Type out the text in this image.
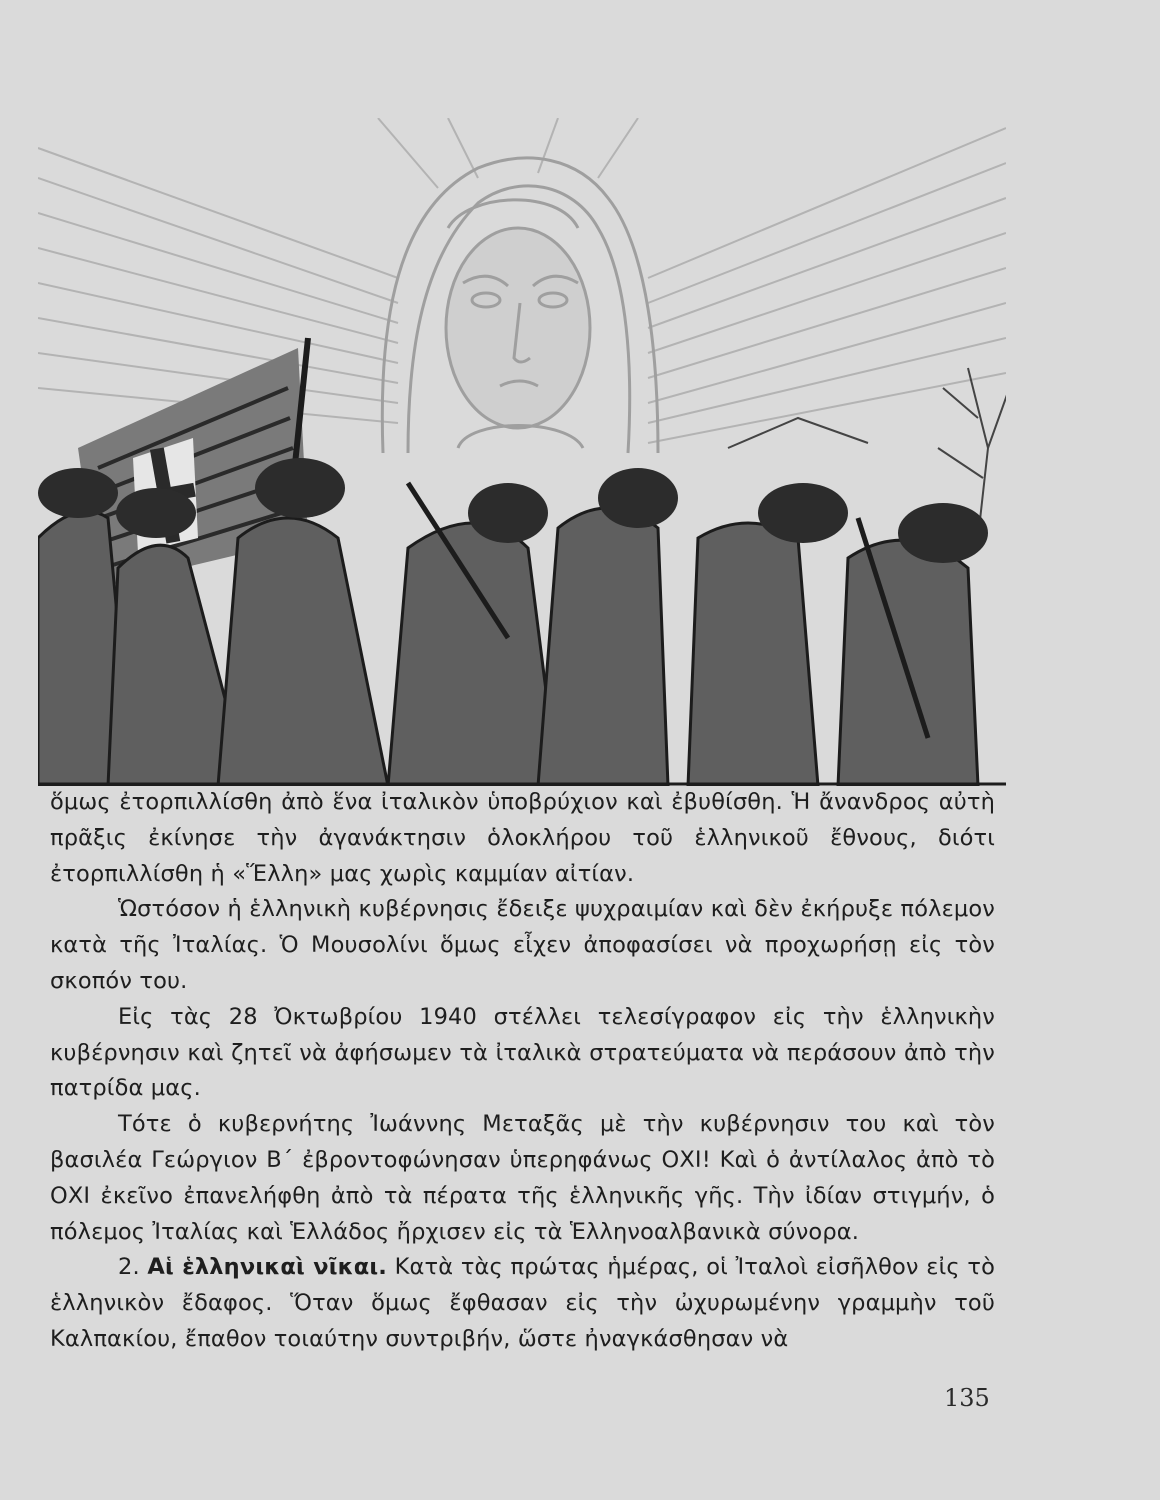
ὅμως ἐτορπιλλίσθη ἀπὸ ἕνα ἰταλικὸν ὑποβρύχιον καὶ ἐβυθίσθη. Ἡ ἄνανδρος αὐτὴ πρᾶξις ἐκίνησε τὴν ἀγανάκτησιν ὁλοκλήρου τοῦ ἑλληνικοῦ ἔθνους, διότι ἐτορπιλλίσθη ἡ «Ἕλλη» μας χωρὶς καμμίαν αἰτίαν.

Ὡστόσον ἡ ἑλληνικὴ κυβέρνησις ἔδειξε ψυχραιμίαν καὶ δὲν ἐκήρυξε πόλεμον κατὰ τῆς Ἰταλίας. Ὁ Μουσολίνι ὅμως εἶχεν ἀποφασίσει νὰ προχωρήσῃ εἰς τὸν σκοπόν του.

Εἰς τὰς 28 Ὀκτωβρίου 1940 στέλλει τελεσίγραφον εἰς τὴν ἑλληνικὴν κυβέρνησιν καὶ ζητεῖ νὰ ἀφήσωμεν τὰ ἰταλικὰ στρατεύματα νὰ περάσουν ἀπὸ τὴν πατρίδα μας.

Τότε ὁ κυβερνήτης Ἰωάννης Μεταξᾶς μὲ τὴν κυβέρνησιν του καὶ τὸν βασιλέα Γεώργιον Β΄ ἐβροντοφώνησαν ὑπερηφάνως ΟΧΙ! Καὶ ὁ ἀντίλαλος ἀπὸ τὸ ΟΧΙ ἐκεῖνο ἐπανελήφθη ἀπὸ τὰ πέρατα τῆς ἑλληνικῆς γῆς. Τὴν ἰδίαν στιγμήν, ὁ πόλεμος Ἰταλίας καὶ Ἑλλάδος ἤρχισεν εἰς τὰ Ἑλληνοαλβανικὰ σύνορα.

2. Αἱ ἑλληνικαὶ νῖκαι. Κατὰ τὰς πρώτας ἡμέρας, οἱ Ἰταλοὶ εἰσῆλθον εἰς τὸ ἑλληνικὸν ἔδαφος. Ὅταν ὅμως ἔφθασαν εἰς τὴν ὠχυρωμένην γραμμὴν τοῦ Καλπακίου, ἔπαθον τοιαύτην συντριβήν, ὥστε ἠναγκάσθησαν νὰ

135
